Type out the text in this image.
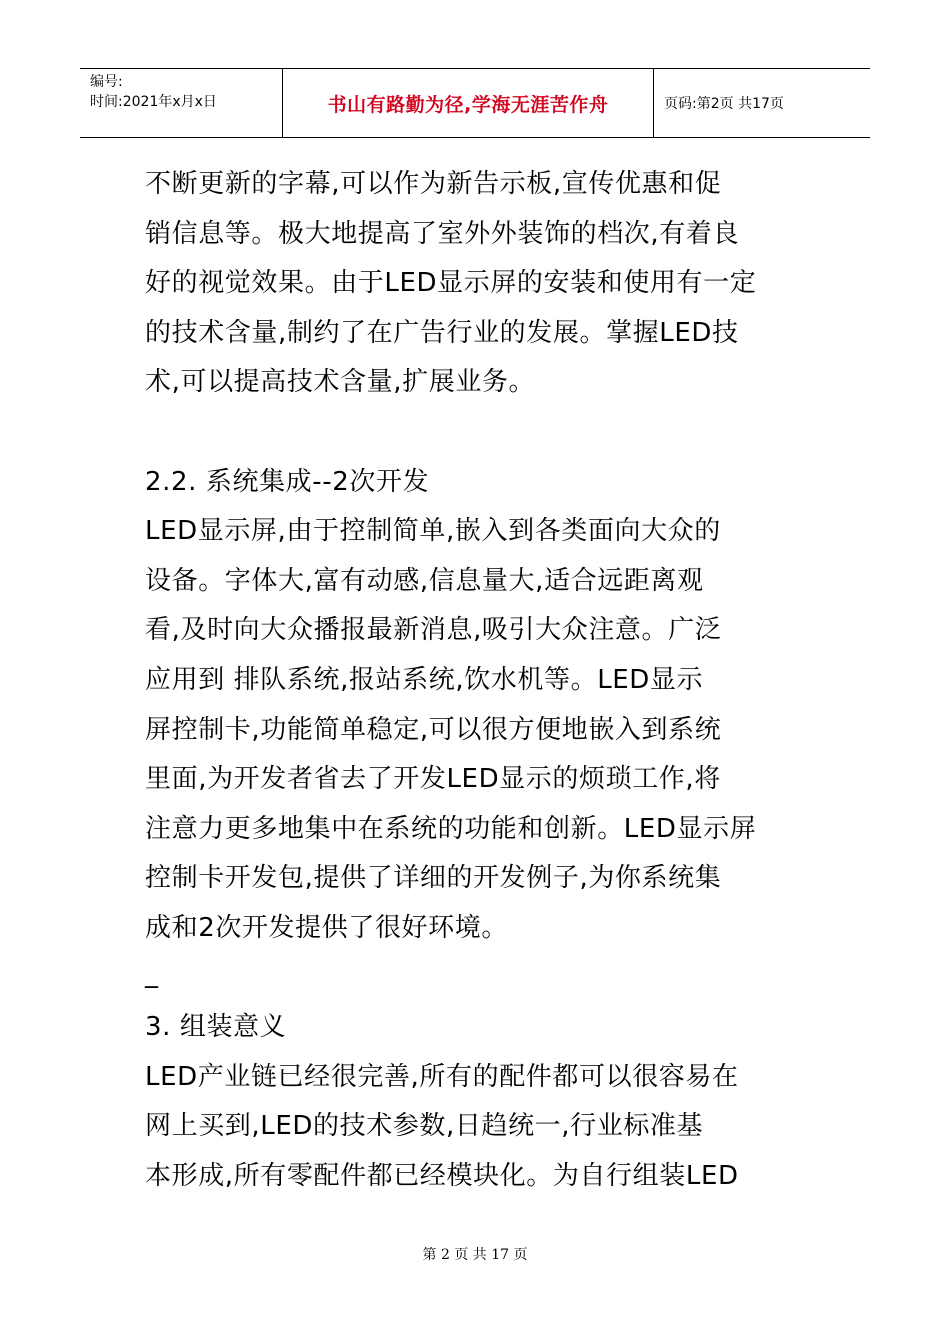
编号:
时间:2021年x月x日	书山有路勤为径,学海无涯苦作舟	页码:第2页 共17页

不断更新的字幕,可以作为新告示板,宣传优惠和促

销信息等。极大地提高了室外外装饰的档次,有着良

好的视觉效果。由于LED显示屏的安装和使用有一定

的技术含量,制约了在广告行业的发展。掌握LED技

术,可以提高技术含量,扩展业务。

2.2. 系统集成--2次开发

LED显示屏,由于控制简单,嵌入到各类面向大众的

设备。字体大,富有动感,信息量大,适合远距离观

看,及时向大众播报最新消息,吸引大众注意。广泛

应用到 排队系统,报站系统,饮水机等。LED显示

屏控制卡,功能简单稳定,可以很方便地嵌入到系统

里面,为开发者省去了开发LED显示的烦琐工作,将

注意力更多地集中在系统的功能和创新。LED显示屏

控制卡开发包,提供了详细的开发例子,为你系统集

成和2次开发提供了很好环境。

_

3. 组装意义

LED产业链已经很完善,所有的配件都可以很容易在

网上买到,LED的技术参数,日趋统一,行业标准基

本形成,所有零配件都已经模块化。为自行组装LED

第 2 页 共 17 页
